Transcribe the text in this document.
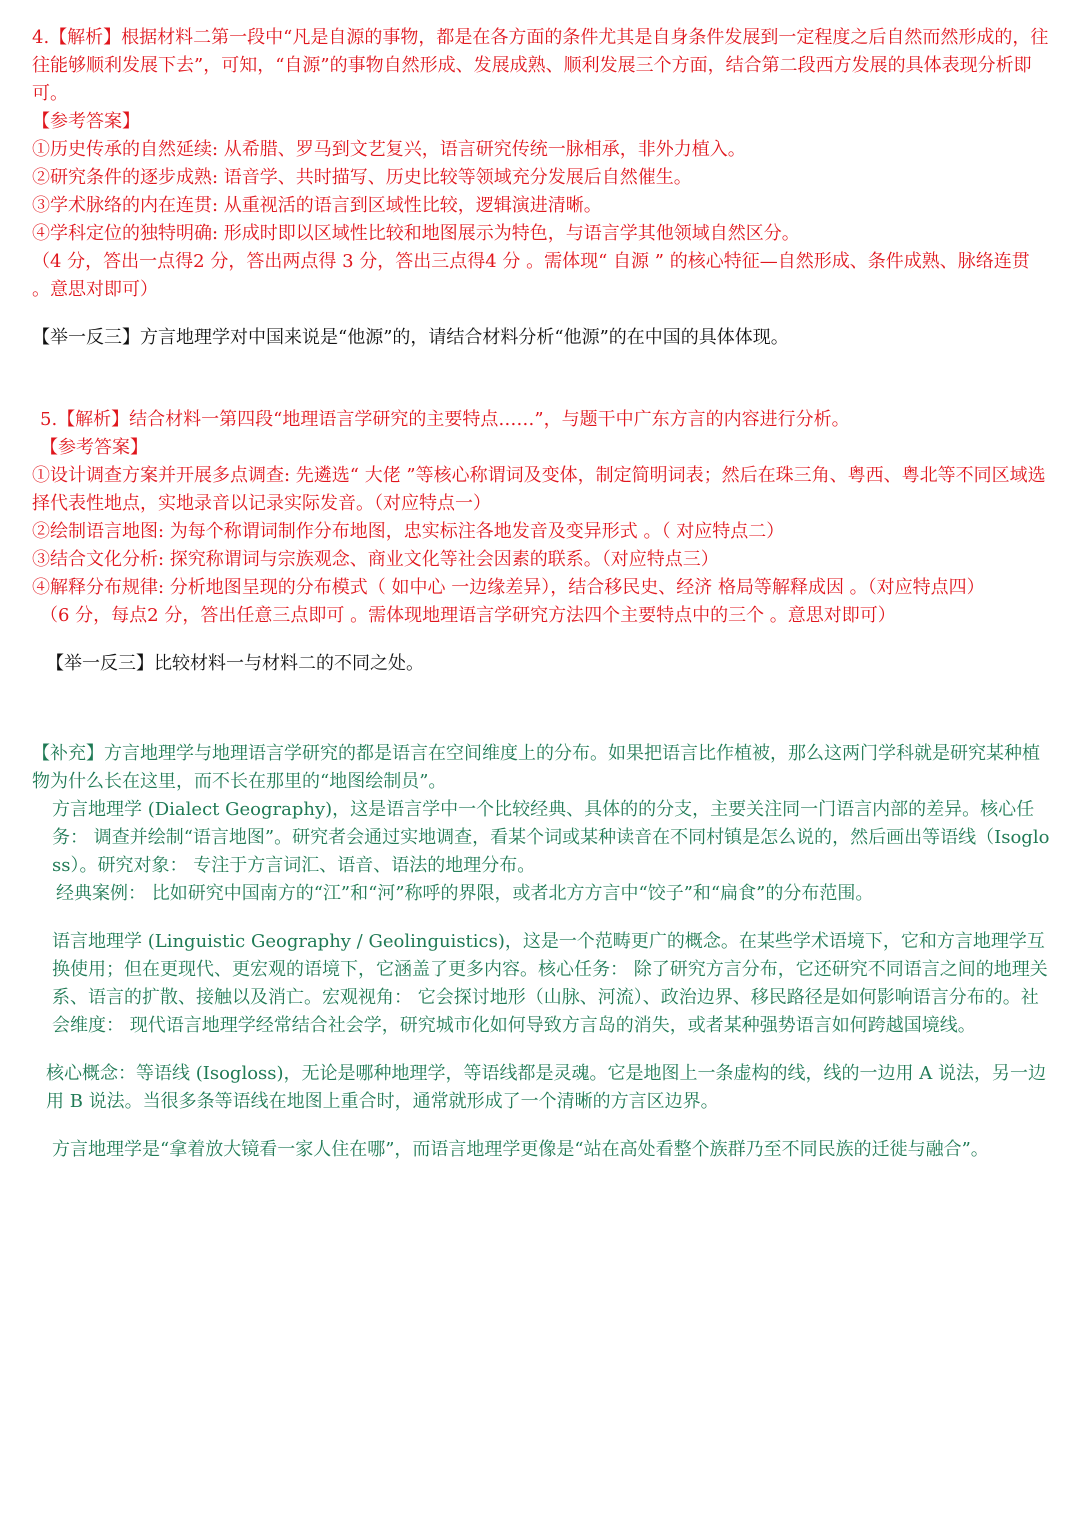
4.【解析】根据材料二第一段中“凡是自源的事物，都是在各方面的条件尤其是自身条件发展到一定程度之后自然而然形成的，往往能够顺利发展下去”，可知，“自源”的事物自然形成、发展成熟、顺利发展三个方面，结合第二段西方发展的具体表现分析即可。

【参考答案】

①历史传承的自然延续: 从希腊、罗马到文艺复兴，语言研究传统一脉相承，非外力植入。

②研究条件的逐步成熟: 语音学、共时描写、历史比较等领域充分发展后自然催生。

③学术脉络的内在连贯: 从重视活的语言到区域性比较，逻辑演进清晰。

④学科定位的独特明确: 形成时即以区域性比较和地图展示为特色，与语言学其他领域自然区分。

（4 分，答出一点得2 分，答出两点得 3 分，答出三点得4 分 。需体现“ 自源 ” 的核心特征—自然形成、条件成熟、脉络连贯 。意思对即可）

【举一反三】方言地理学对中国来说是“他源”的，请结合材料分析“他源”的在中国的具体体现。

5.【解析】结合材料一第四段“地理语言学研究的主要特点……”，与题干中广东方言的内容进行分析。

【参考答案】

①设计调查方案并开展多点调查: 先遴选“ 大佬 ”等核心称谓词及变体，制定简明词表；然后在珠三角、粤西、粤北等不同区域选择代表性地点，实地录音以记录实际发音。（对应特点一）

②绘制语言地图: 为每个称谓词制作分布地图，忠实标注各地发音及变异形式 。（ 对应特点二）

③结合文化分析: 探究称谓词与宗族观念、商业文化等社会因素的联系。（对应特点三）

④解释分布规律: 分析地图呈现的分布模式（ 如中心 一边缘差异），结合移民史、经济 格局等解释成因 。（对应特点四）

（6 分，每点2 分，答出任意三点即可 。需体现地理语言学研究方法四个主要特点中的三个 。意思对即可）

【举一反三】比较材料一与材料二的不同之处。

【补充】方言地理学与地理语言学研究的都是语言在空间维度上的分布。如果把语言比作植被，那么这两门学科就是研究某种植物为什么长在这里，而不长在那里的“地图绘制员”。

方言地理学 (Dialect Geography)，这是语言学中一个比较经典、具体的的分支，主要关注同一门语言内部的差异。核心任务： 调查并绘制“语言地图”。研究者会通过实地调查，看某个词或某种读音在不同村镇是怎么说的，然后画出等语线（Isogloss）。研究对象： 专注于方言词汇、语音、语法的地理分布。

经典案例： 比如研究中国南方的“江”和“河”称呼的界限，或者北方方言中“饺子”和“扁食”的分布范围。

语言地理学 (Linguistic Geography / Geolinguistics)，这是一个范畴更广的概念。在某些学术语境下，它和方言地理学互换使用；但在更现代、更宏观的语境下，它涵盖了更多内容。核心任务： 除了研究方言分布，它还研究不同语言之间的地理关系、语言的扩散、接触以及消亡。宏观视角： 它会探讨地形（山脉、河流）、政治边界、移民路径是如何影响语言分布的。社会维度： 现代语言地理学经常结合社会学，研究城市化如何导致方言岛的消失，或者某种强势语言如何跨越国境线。

核心概念：等语线 (Isogloss)，无论是哪种地理学，等语线都是灵魂。它是地图上一条虚构的线，线的一边用 A 说法，另一边用 B 说法。当很多条等语线在地图上重合时，通常就形成了一个清晰的方言区边界。

方言地理学是“拿着放大镜看一家人住在哪”，而语言地理学更像是“站在高处看整个族群乃至不同民族的迁徙与融合”。
